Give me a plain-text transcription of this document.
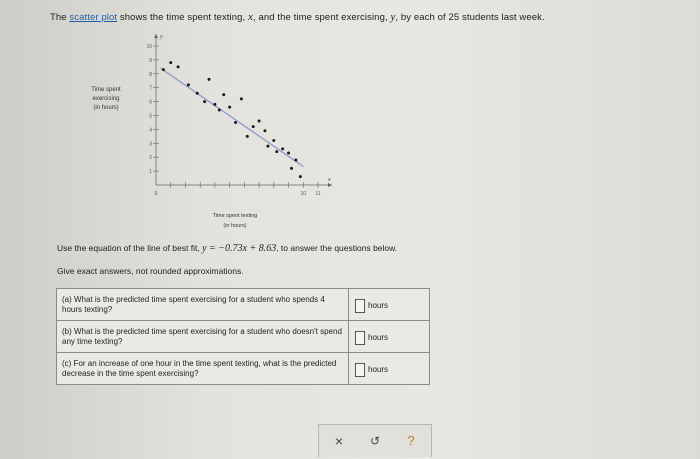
The scatter plot shows the time spent texting, x, and the time spent exercising, y, by each of 25 students last week.
Time spent
exercising
(in hours)
0	10 11
1
2
3
4
5
6
7
8
9
10
x
y
Time spent texting
(in hours)
Use the equation of the line of best fit, y = −0.73x + 8.63, to answer the questions below.
Give exact answers, not rounded approximations.
(a) What is the predicted time spent exercising for a student who spends 4 hours texting?	hours
(b) What is the predicted time spent exercising for a student who doesn't spend any time texting?	hours
(c) For an increase of one hour in the time spent texting, what is the predicted decrease in the time spent exercising?	hours
×	↺	?
